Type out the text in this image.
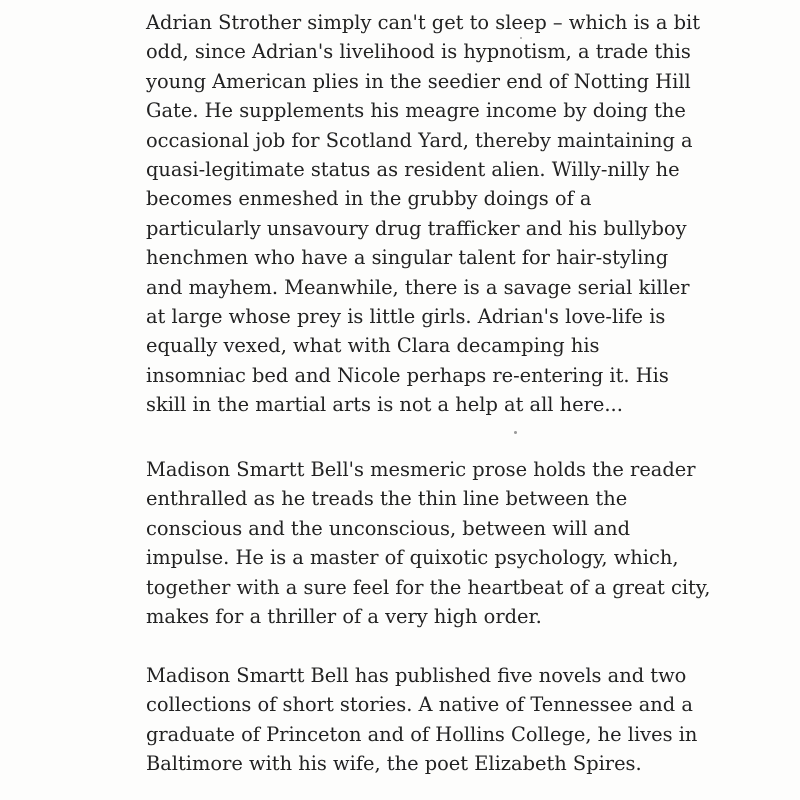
Adrian Strother simply can't get to sleep – which is a bit
odd, since Adrian's livelihood is hypnotism, a trade this
young American plies in the seedier end of Notting Hill
Gate. He supplements his meagre income by doing the
occasional job for Scotland Yard, thereby maintaining a
quasi-legitimate status as resident alien. Willy-nilly he
becomes enmeshed in the grubby doings of a
particularly unsavoury drug trafficker and his bullyboy
henchmen who have a singular talent for hair-styling
and mayhem. Meanwhile, there is a savage serial killer
at large whose prey is little girls. Adrian's love-life is
equally vexed, what with Clara decamping his
insomniac bed and Nicole perhaps re-entering it. His
skill in the martial arts is not a help at all here...
Madison Smartt Bell's mesmeric prose holds the reader
enthralled as he treads the thin line between the
conscious and the unconscious, between will and
impulse. He is a master of quixotic psychology, which,
together with a sure feel for the heartbeat of a great city,
makes for a thriller of a very high order.
Madison Smartt Bell has published five novels and two
collections of short stories. A native of Tennessee and a
graduate of Princeton and of Hollins College, he lives in
Baltimore with his wife, the poet Elizabeth Spires.
